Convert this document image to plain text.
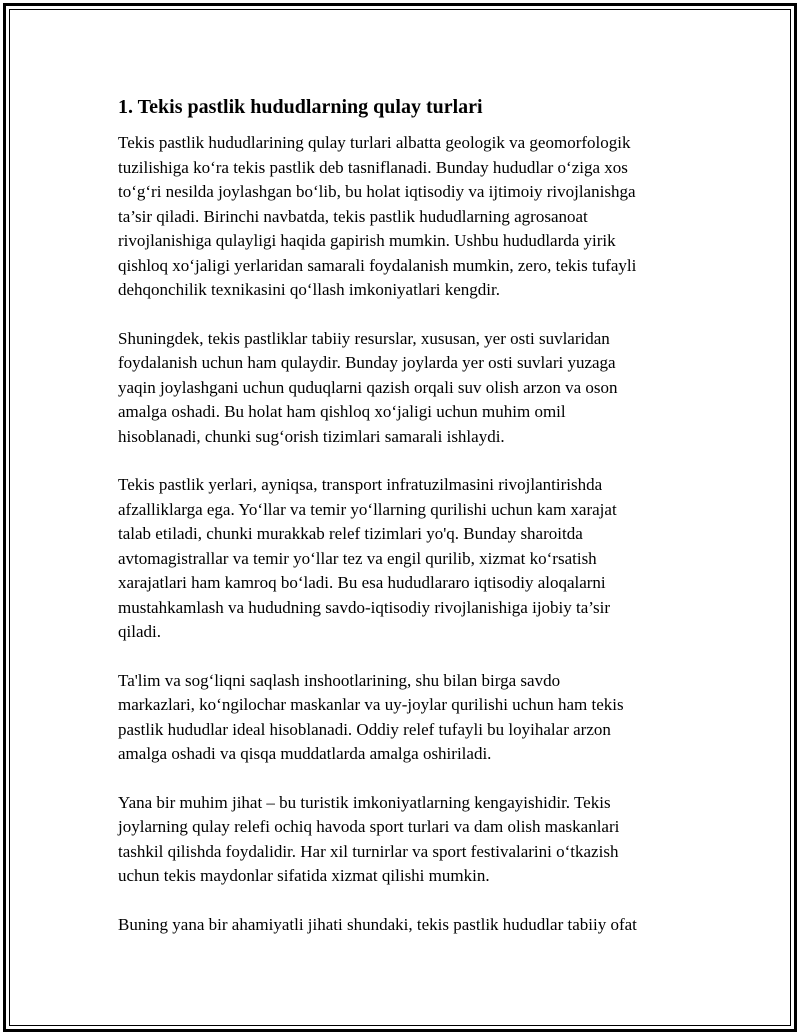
1. Tekis pastlik hududlarning qulay turlari

Tekis pastlik hududlarining qulay turlari albatta geologik va geomorfologik
tuzilishiga ko‘ra tekis pastlik deb tasniflanadi. Bunday hududlar o‘ziga xos
to‘g‘ri nesilda joylashgan bo‘lib, bu holat iqtisodiy va ijtimoiy rivojlanishga
ta’sir qiladi. Birinchi navbatda, tekis pastlik hududlarning agrosanoat
rivojlanishiga qulayligi haqida gapirish mumkin. Ushbu hududlarda yirik
qishloq xo‘jaligi yerlaridan samarali foydalanish mumkin, zero, tekis tufayli
dehqonchilik texnikasini qo‘llash imkoniyatlari kengdir.

Shuningdek, tekis pastliklar tabiiy resurslar, xususan, yer osti suvlaridan
foydalanish uchun ham qulaydir. Bunday joylarda yer osti suvlari yuzaga
yaqin joylashgani uchun quduqlarni qazish orqali suv olish arzon va oson
amalga oshadi. Bu holat ham qishloq xo‘jaligi uchun muhim omil
hisoblanadi, chunki sug‘orish tizimlari samarali ishlaydi.

Tekis pastlik yerlari, ayniqsa, transport infratuzilmasini rivojlantirishda
afzalliklarga ega. Yo‘llar va temir yo‘llarning qurilishi uchun kam xarajat
talab etiladi, chunki murakkab relef tizimlari yo'q. Bunday sharoitda
avtomagistrallar va temir yo‘llar tez va engil qurilib, xizmat ko‘rsatish
xarajatlari ham kamroq bo‘ladi. Bu esa hududlararo iqtisodiy aloqalarni
mustahkamlash va hududning savdo-iqtisodiy rivojlanishiga ijobiy ta’sir
qiladi.

Ta'lim va sog‘liqni saqlash inshootlarining, shu bilan birga savdo
markazlari, ko‘ngilochar maskanlar va uy-joylar qurilishi uchun ham tekis
pastlik hududlar ideal hisoblanadi. Oddiy relef tufayli bu loyihalar arzon
amalga oshadi va qisqa muddatlarda amalga oshiriladi.

Yana bir muhim jihat – bu turistik imkoniyatlarning kengayishidir. Tekis
joylarning qulay relefi ochiq havoda sport turlari va dam olish maskanlari
tashkil qilishda foydalidir. Har xil turnirlar va sport festivalarini o‘tkazish
uchun tekis maydonlar sifatida xizmat qilishi mumkin.

Buning yana bir ahamiyatli jihati shundaki, tekis pastlik hududlar tabiiy ofat
